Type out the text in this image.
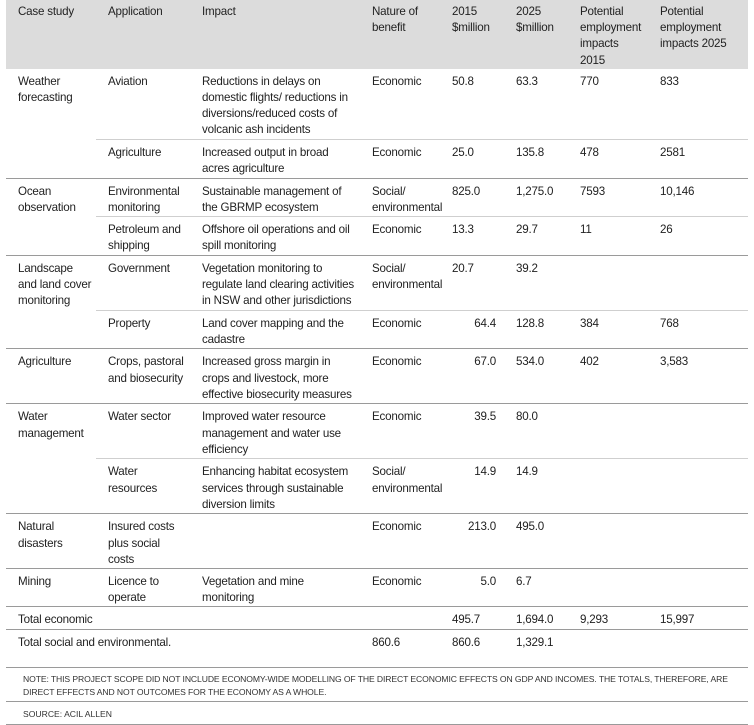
Case study	Application	Impact	Nature of benefit	2015 $million	2025 $million	Potential employment impacts 2015	Potential employment impacts 2025
Weather forecasting	Aviation	Reductions in delays on domestic flights/ reductions in diversions/reduced costs of volcanic ash incidents	Economic	50.8	63.3	770	833
	Agriculture	Increased output in broad acres agriculture	Economic	25.0	135.8	478	2581
Ocean observation	Environmental monitoring	Sustainable management of the GBRMP ecosystem	Social/ environmental	825.0	1,275.0	7593	10,146
	Petroleum and shipping	Offshore oil operations and oil spill monitoring	Economic	13.3	29.7	11	26
Landscape and land cover monitoring	Government	Vegetation monitoring to regulate land clearing activities in NSW and other jurisdictions	Social/ environmental	20.7	39.2		
	Property	Land cover mapping and the cadastre	Economic	64.4	128.8	384	768
Agriculture	Crops, pastoral and biosecurity	Increased gross margin in crops and livestock, more effective biosecurity measures	Economic	67.0	534.0	402	3,583
Water management	Water sector	Improved water resource management and water use efficiency	Economic	39.5	80.0		
	Water resources	Enhancing habitat ecosystem services through sustainable diversion limits	Social/ environmental	14.9	14.9		
Natural disasters	Insured costs plus social costs		Economic	213.0	495.0		
Mining	Licence to operate	Vegetation and mine monitoring	Economic	5.0	6.7		
Total economic				495.7	1,694.0	9,293	15,997
Total social and environmental.			860.6	860.6	1,329.1		
NOTE: THIS PROJECT SCOPE DID NOT INCLUDE ECONOMY-WIDE MODELLING OF THE DIRECT ECONOMIC EFFECTS ON GDP AND INCOMES. THE TOTALS, THEREFORE, ARE DIRECT EFFECTS AND NOT OUTCOMES FOR THE ECONOMY AS A WHOLE.
SOURCE: ACIL ALLEN
